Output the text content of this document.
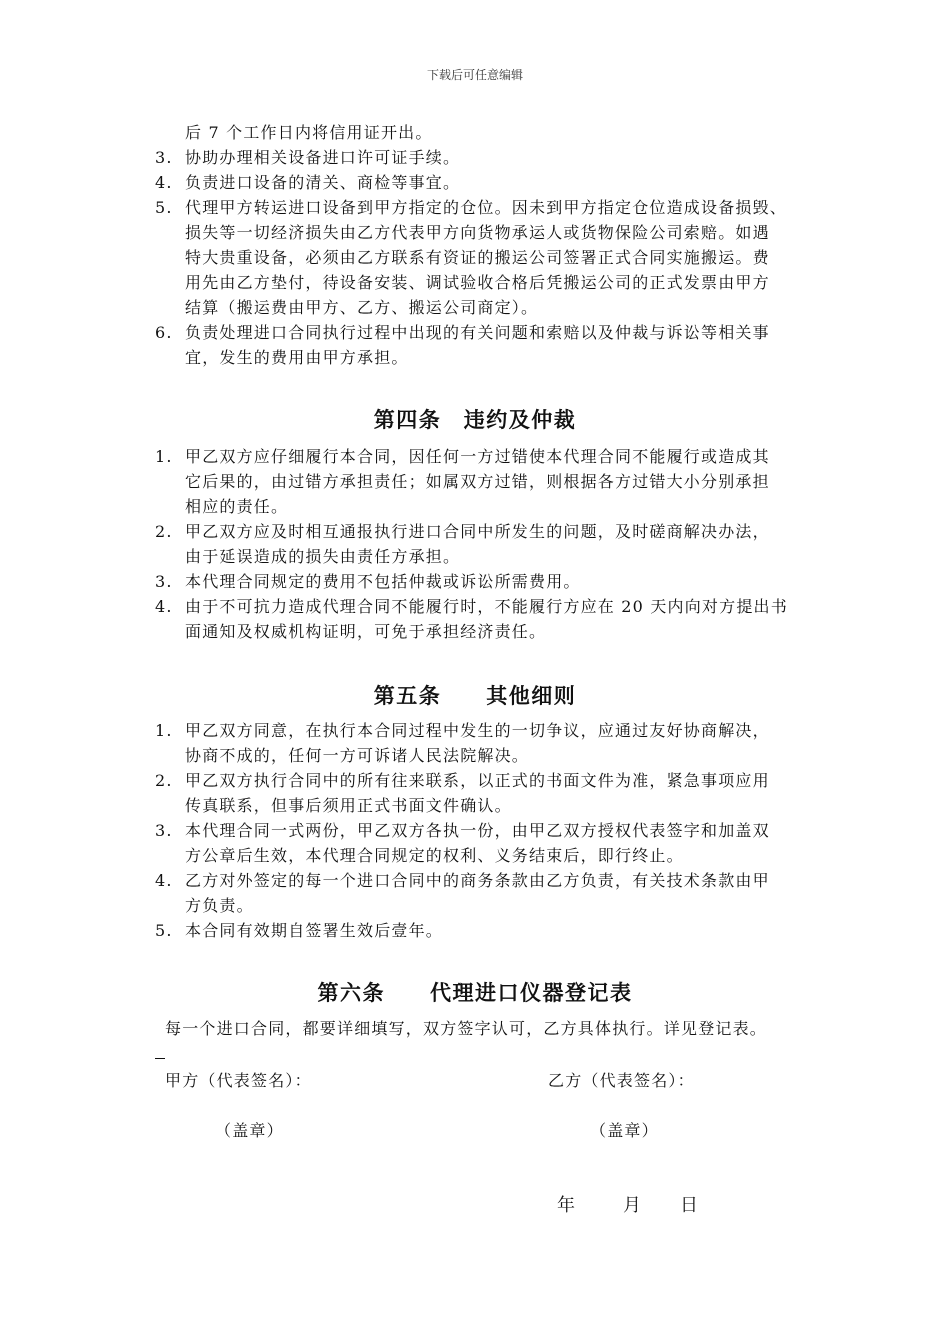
下载后可任意编辑
后 7 个工作日内将信用证开出。
3. 协助办理相关设备进口许可证手续。
4. 负责进口设备的清关、商检等事宜。
5. 代理甲方转运进口设备到甲方指定的仓位。因未到甲方指定仓位造成设备损毁、
损失等一切经济损失由乙方代表甲方向货物承运人或货物保险公司索赔。如遇
特大贵重设备，必须由乙方联系有资证的搬运公司签署正式合同实施搬运。费
用先由乙方垫付，待设备安装、调试验收合格后凭搬运公司的正式发票由甲方
结算（搬运费由甲方、乙方、搬运公司商定）。
6. 负责处理进口合同执行过程中出现的有关问题和索赔以及仲裁与诉讼等相关事
宜，发生的费用由甲方承担。
第四条　违约及仲裁
1. 甲乙双方应仔细履行本合同，因任何一方过错使本代理合同不能履行或造成其
它后果的，由过错方承担责任；如属双方过错，则根据各方过错大小分别承担
相应的责任。
2. 甲乙双方应及时相互通报执行进口合同中所发生的问题，及时磋商解决办法，
由于延误造成的损失由责任方承担。
3. 本代理合同规定的费用不包括仲裁或诉讼所需费用。
4. 由于不可抗力造成代理合同不能履行时，不能履行方应在 20 天内向对方提出书
面通知及权威机构证明，可免于承担经济责任。
第五条　　其他细则
1. 甲乙双方同意，在执行本合同过程中发生的一切争议，应通过友好协商解决，
协商不成的，任何一方可诉诸人民法院解决。
2. 甲乙双方执行合同中的所有往来联系，以正式的书面文件为准，紧急事项应用
传真联系，但事后须用正式书面文件确认。
3. 本代理合同一式两份，甲乙双方各执一份，由甲乙双方授权代表签字和加盖双
方公章后生效，本代理合同规定的权利、义务结束后，即行终止。
4. 乙方对外签定的每一个进口合同中的商务条款由乙方负责，有关技术条款由甲
方负责。
5. 本合同有效期自签署生效后壹年。
第六条　　代理进口仪器登记表
每一个进口合同，都要详细填写，双方签字认可，乙方具体执行。详见登记表。
甲方（代表签名）：	乙方（代表签名）：
（盖章）	（盖章）
年	月 日
